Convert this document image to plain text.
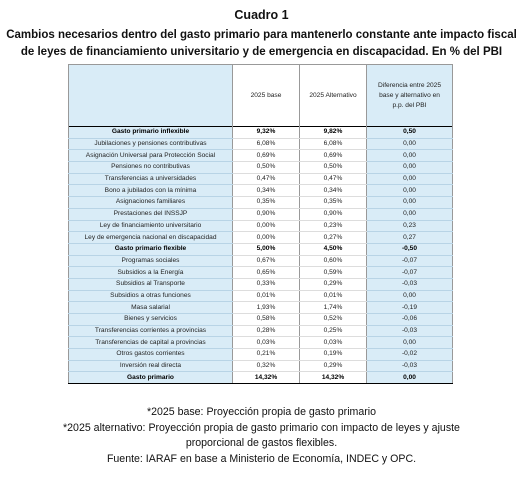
Cuadro 1
Cambios necesarios dentro del gasto primario para mantenerlo constante ante impacto fiscal
de leyes de financiamiento universitario y de emergencia en discapacidad. En % del PBI
	2025 base	2025 Alternativo	Diferencia entre 2025 base y alternativo en p.p. del PBI
Gasto primario inflexible	9,32%	9,82%	0,50
Jubilaciones y pensiones contributivas	6,08%	6,08%	0,00
Asignación Universal para Protección Social	0,69%	0,69%	0,00
Pensiones no contributivas	0,50%	0,50%	0,00
Transferencias a universidades	0,47%	0,47%	0,00
Bono a jubilados con la mínima	0,34%	0,34%	0,00
Asignaciones familiares	0,35%	0,35%	0,00
Prestaciones del INSSJP	0,90%	0,90%	0,00
Ley de financiamiento universitario	0,00%	0,23%	0,23
Ley de emergencia nacional en discapacidad	0,00%	0,27%	0,27
Gasto primario flexible	5,00%	4,50%	-0,50
Programas sociales	0,67%	0,60%	-0,07
Subsidios a la Energía	0,65%	0,59%	-0,07
Subsidios al Transporte	0,33%	0,29%	-0,03
Subsidios a otras funciones	0,01%	0,01%	0,00
Masa salarial	1,93%	1,74%	-0,19
Bienes y servicios	0,58%	0,52%	-0,06
Transferencias corrientes a provincias	0,28%	0,25%	-0,03
Transferencias de capital a provincias	0,03%	0,03%	0,00
Otros gastos corrientes	0,21%	0,19%	-0,02
Inversión real directa	0,32%	0,29%	-0,03
Gasto primario	14,32%	14,32%	0,00

*2025 base: Proyección propia de gasto primario

*2025 alternativo: Proyección propia de gasto primario con impacto de leyes y ajuste

proporcional de gastos flexibles.

Fuente: IARAF en base a Ministerio de Economía, INDEC y OPC.
